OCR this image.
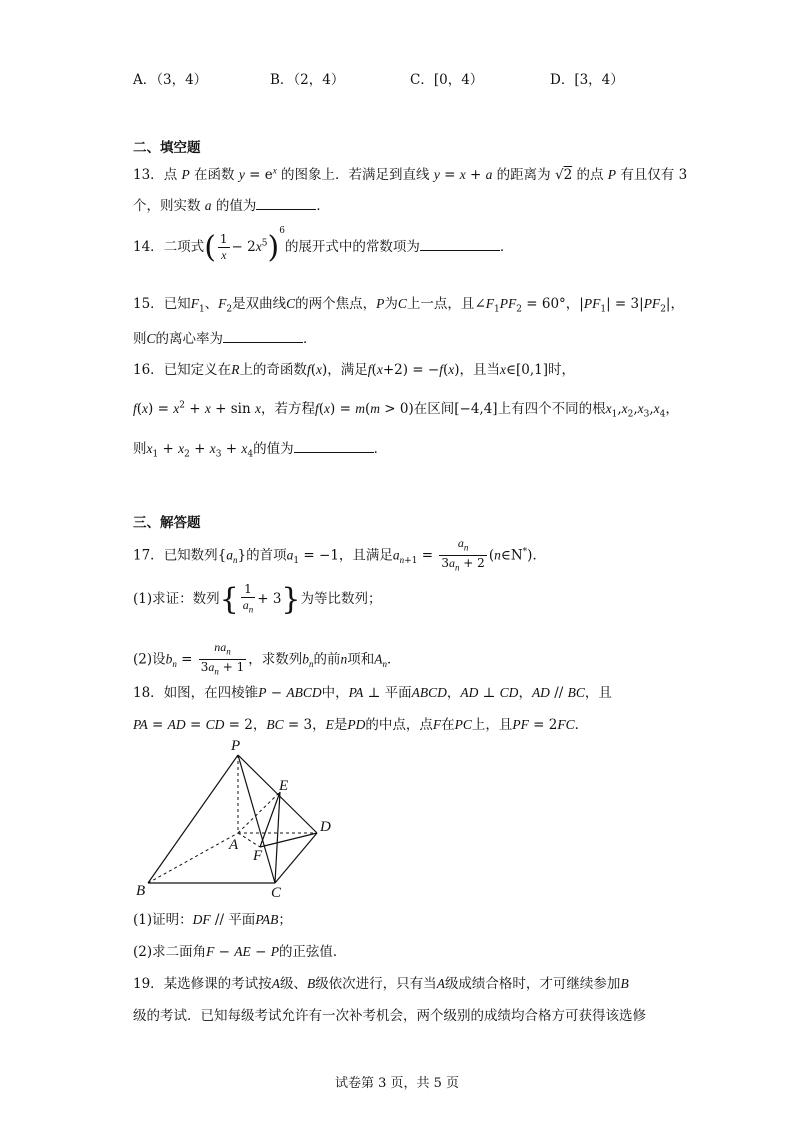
A．（3，4）	B．（2，4）	C．[0，4）	D．[3，4）
二、填空题
13．点 P 在函数 $y = e^x$ 的图象上．若满足到直线 y = x + a 的距离为 √2 的点 P 有且仅有 3
个，则实数 a 的值为	．
14．二项式( $\frac{1}{x} - 2x^5)^6$的展开式中的常数项为	．
15．已知$F_1$、$F_2$是双曲线C的两个焦点，P为C上一点，且$\angle F_1PF_2 = 60^\circ$，$|PF_1| = 3|PF_2|$，
则C的离心率为	．
16．已知定义在R上的奇函数f(x)，满足f(x+2) = −f(x)，且当x∈[0,1]时，
$f(x) = x^2 + x + \sin x$，若方程f(x) = m(m > 0)在区间[−4,4]上有四个不同的根$x_1,x_2,x_3,x_4$，
则$x_1 + x_2 + x_3 + x_4$的值为	．
三、解答题
17．已知数列$\{a_n\}$的首项$a_1 = -1$，且满足$a_{n+1} = \frac{a_n}{3a_n + 2}$ (n∈N*)．
(1)求证：数列{ $\frac{1}{a_n} + 3$}为等比数列；
(2)设$b_n = \frac{na_n}{3a_n + 1}$ ，求数列$b_n$的前n项和$A_n$．
18．如图，在四棱锥P − ABCD中，PA ⊥ 平面ABCD，AD ⊥ CD，AD // BC，且
PA = AD = CD = 2，BC = 3，E是PD的中点，点F在PC上，且PF = 2FC．
P
E
D
A
F
B	C
(1)证明：DF // 平面PAB；
(2)求二面角F − AE − P的正弦值．
19．某选修课的考试按A级、B级依次进行，只有当A级成绩合格时，才可继续参加B
级的考试．已知每级考试允许有一次补考机会，两个级别的成绩均合格方可获得该选修
试卷第 3 页，共 5 页
